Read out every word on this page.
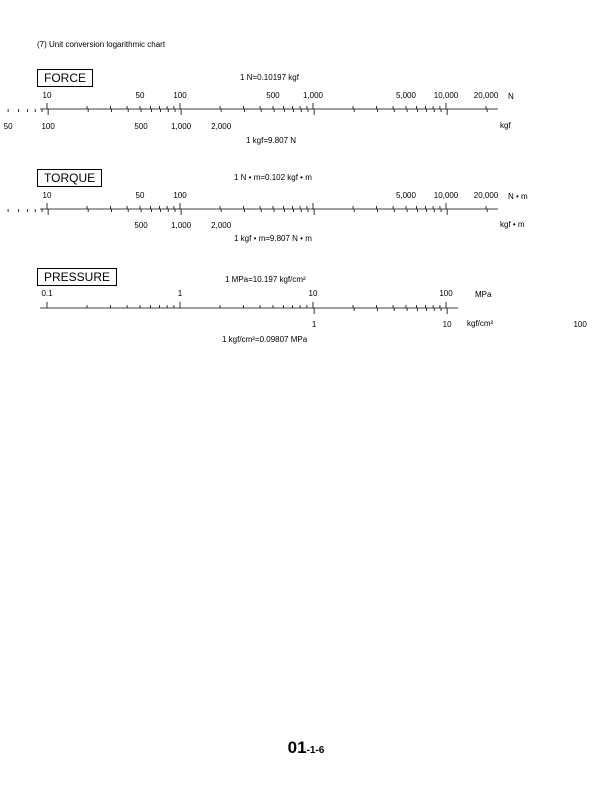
(7) Unit conversion logarithmic chart
FORCE	1 N=0.10197 kgf
10	50	100	500	1,000	5,000 10,000 20,000
50	100	500	1,000	2,000
N
kgf
1 kgf=9.807 N
TORQUE	1 N • m=0.102 kgf • m
10	50	100	5,000 10,000 20,000
500	1,000	2,000
N • m
kgf • m
1 kgf • m=9.807 N • m
PRESSURE	1 MPa=10.197 kgf/cm²
0.1	1	10	100
1	10	100
MPa
kgf/cm²
1 kgf/cm²=0.09807 MPa
01-1-6
